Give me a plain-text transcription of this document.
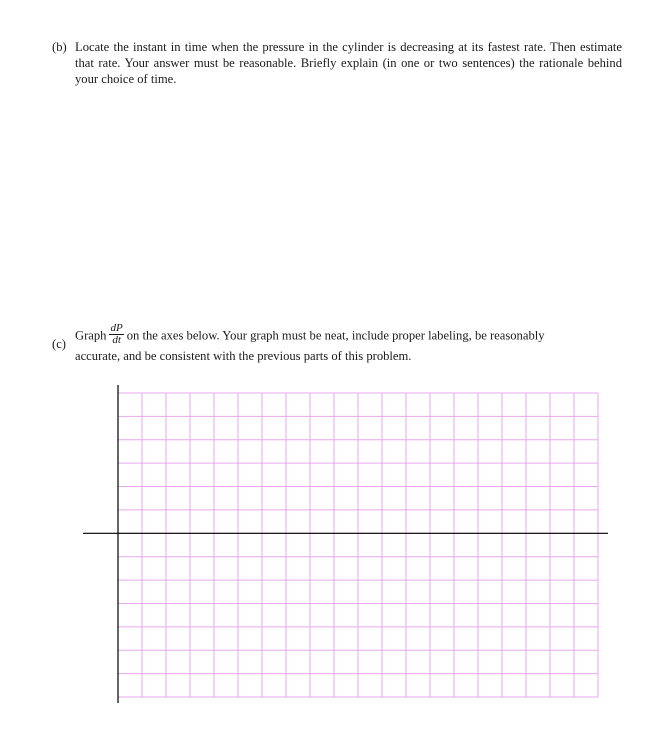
(b) Locate the instant in time when the pressure in the cylinder is decreasing at its fastest rate. Then estimate that rate. Your answer must be reasonable. Briefly explain (in one or two sentences) the rationale behind your choice of time.
(c)
Graph $\frac{dP}{dt}$ on the axes below. Your graph must be neat, include proper labeling, be reasonably
accurate, and be consistent with the previous parts of this problem.
